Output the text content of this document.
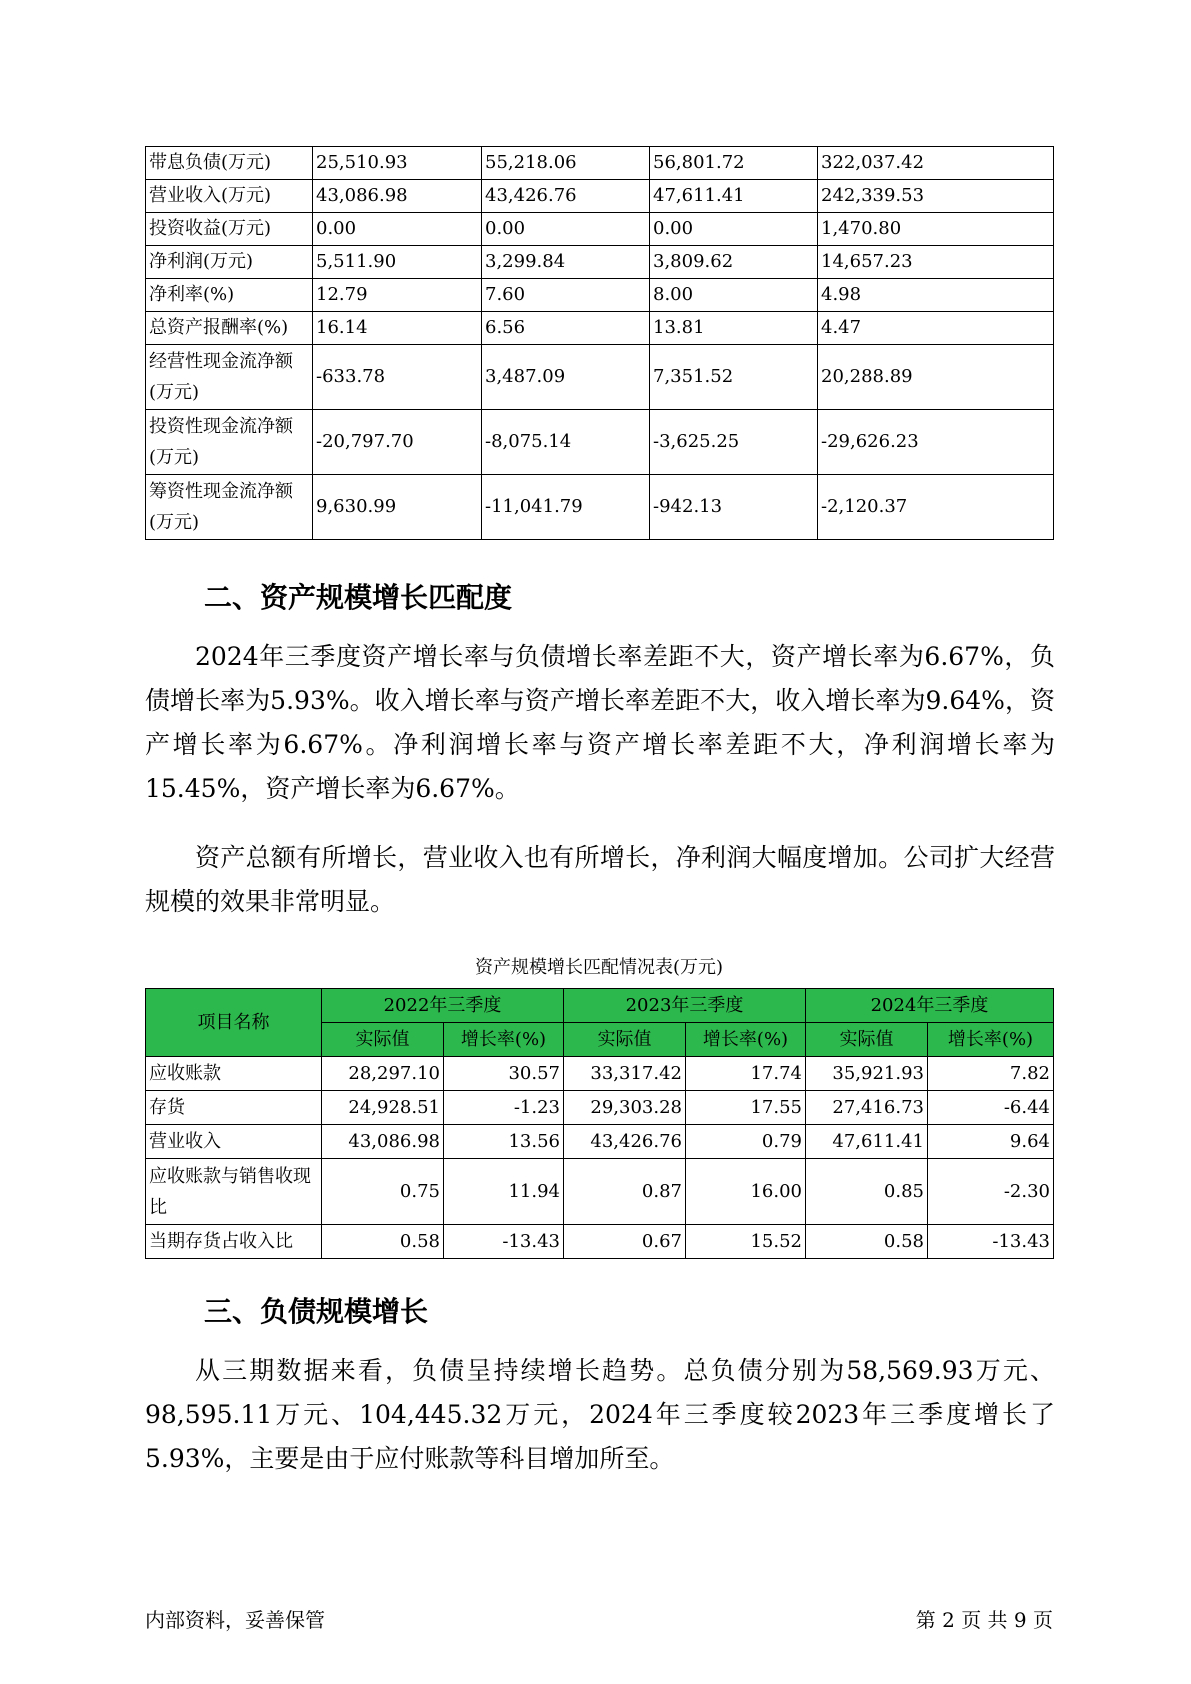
带息负债(万元)	25,510.93	55,218.06	56,801.72	322,037.42
营业收入(万元)	43,086.98	43,426.76	47,611.41	242,339.53
投资收益(万元)	0.00	0.00	0.00	1,470.80
净利润(万元)	5,511.90	3,299.84	3,809.62	14,657.23
净利率(%)	12.79	7.60	8.00	4.98
总资产报酬率(%)	16.14	6.56	13.81	4.47
经营性现金流净额(万元)	-633.78	3,487.09	7,351.52	20,288.89
投资性现金流净额(万元)	-20,797.70	-8,075.14	-3,625.25	-29,626.23
筹资性现金流净额(万元)	9,630.99	-11,041.79	-942.13	-2,120.37
二、资产规模增长匹配度

2024年三季度资产增长率与负债增长率差距不大，资产增长率为6.67%，负债增长率为5.93%。收入增长率与资产增长率差距不大，收入增长率为9.64%，资产增长率为6.67%。净利润增长率与资产增长率差距不大，净利润增长率为15.45%，资产增长率为6.67%。

资产总额有所增长，营业收入也有所增长，净利润大幅度增加。公司扩大经营规模的效果非常明显。

资产规模增长匹配情况表(万元)

项目名称	2022年三季度		2023年三季度		2024年三季度	
	实际值	增长率(%)	实际值	增长率(%)	实际值	增长率(%)
应收账款	28,297.10	30.57	33,317.42	17.74	35,921.93	7.82
存货	24,928.51	-1.23	29,303.28	17.55	27,416.73	-6.44
营业收入	43,086.98	13.56	43,426.76	0.79	47,611.41	9.64
应收账款与销售收现比	0.75	11.94	0.87	16.00	0.85	-2.30
当期存货占收入比	0.58	-13.43	0.67	15.52	0.58	-13.43
三、负债规模增长

从三期数据来看，负债呈持续增长趋势。总负债分别为58,569.93万元、98,595.11万元、104,445.32万元，2024年三季度较2023年三季度增长了5.93%，主要是由于应付账款等科目增加所至。

内部资料，妥善保管	第 2 页 共 9 页
